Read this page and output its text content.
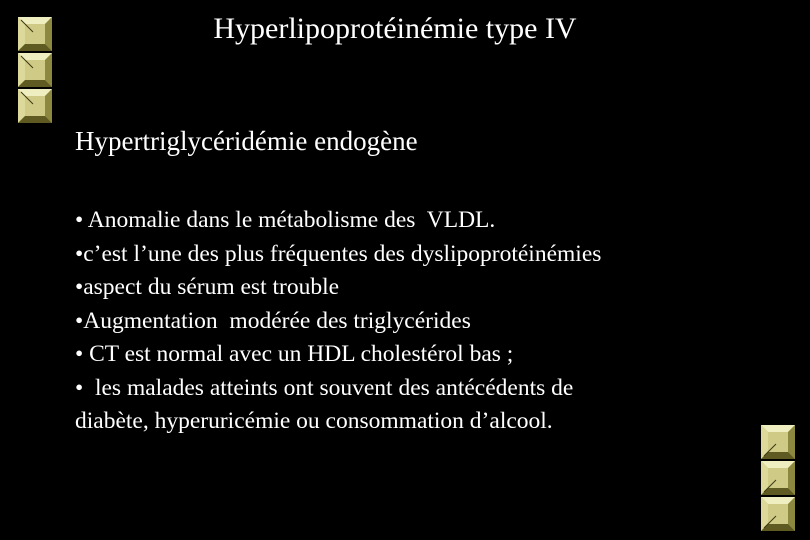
Hyperlipoprotéinémie type IV
Hypertriglycéridémie endogène
• Anomalie dans le métabolisme des  VLDL.
•c’est l’une des plus fréquentes des dyslipoprotéinémies
•aspect du sérum est trouble
•Augmentation  modérée des triglycérides
• CT est normal avec un HDL cholestérol bas ;
•  les malades atteints ont souvent des antécédents de
diabète, hyperuricémie ou consommation d’alcool.
